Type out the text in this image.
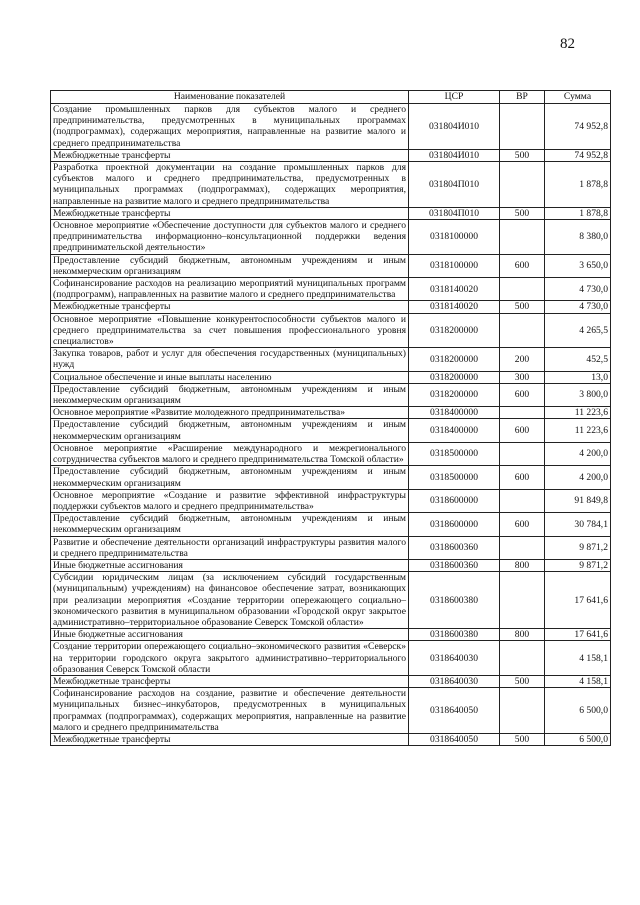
82
Наименование показателей	ЦСР	ВР	Сумма
Создание промышленных парков для субъектов малого и среднего предпринимательства, предусмотренных в муниципальных программах (подпрограммах), содержащих мероприятия, направленные на развитие малого и среднего предпринимательства	031804И010		74 952,8
Межбюджетные трансферты	031804И010	500	74 952,8
Разработка проектной документации на создание промышленных парков для субъектов малого и среднего предпринимательства, предусмотренных в муниципальных программах (подпрограммах), содержащих мероприятия, направленные на развитие малого и среднего предпринимательства	031804П010		1 878,8
Межбюджетные трансферты	031804П010	500	1 878,8
Основное мероприятие «Обеспечение доступности для субъектов малого и среднего предпринимательства информационно–консультационной поддержки ведения предпринимательской деятельности»	0318100000		8 380,0
Предоставление субсидий бюджетным, автономным учреждениям и иным некоммерческим организациям	0318100000	600	3 650,0
Софинансирование расходов на реализацию мероприятий муниципальных программ (подпрограмм), направленных на развитие малого и среднего предпринимательства	0318140020		4 730,0
Межбюджетные трансферты	0318140020	500	4 730,0
Основное мероприятие «Повышение конкурентоспособности субъектов малого и среднего предпринимательства за счет повышения профессионального уровня специалистов»	0318200000		4 265,5
Закупка товаров, работ и услуг для обеспечения государственных (муниципальных) нужд	0318200000	200	452,5
Социальное обеспечение и иные выплаты населению	0318200000	300	13,0
Предоставление субсидий бюджетным, автономным учреждениям и иным некоммерческим организациям	0318200000	600	3 800,0
Основное мероприятие «Развитие молодежного предпринимательства»	0318400000		11 223,6
Предоставление субсидий бюджетным, автономным учреждениям и иным некоммерческим организациям	0318400000	600	11 223,6
Основное мероприятие «Расширение международного и межрегионального сотрудничества субъектов малого и среднего предпринимательства Томской области»	0318500000		4 200,0
Предоставление субсидий бюджетным, автономным учреждениям и иным некоммерческим организациям	0318500000	600	4 200,0
Основное мероприятие «Создание и развитие эффективной инфраструктуры поддержки субъектов малого и среднего предпринимательства»	0318600000		91 849,8
Предоставление субсидий бюджетным, автономным учреждениям и иным некоммерческим организациям	0318600000	600	30 784,1
Развитие и обеспечение деятельности организаций инфраструктуры развития малого и среднего предпринимательства	0318600360		9 871,2
Иные бюджетные ассигнования	0318600360	800	9 871,2
Субсидии юридическим лицам (за исключением субсидий государственным (муниципальным) учреждениям) на финансовое обеспечение затрат, возникающих при реализации мероприятия «Создание территории опережающего социально–экономического развития в муниципальном образовании «Городской округ закрытое административно–территориальное образование Северск Томской области»	0318600380		17 641,6
Иные бюджетные ассигнования	0318600380	800	17 641,6
Создание территории опережающего социально–экономического развития «Северск» на территории городского округа закрытого административно–территориального образования Северск Томской области	0318640030		4 158,1
Межбюджетные трансферты	0318640030	500	4 158,1
Софинансирование расходов на создание, развитие и обеспечение деятельности муниципальных бизнес–инкубаторов, предусмотренных в муниципальных программах (подпрограммах), содержащих мероприятия, направленные на развитие малого и среднего предпринимательства	0318640050		6 500,0
Межбюджетные трансферты	0318640050	500	6 500,0
